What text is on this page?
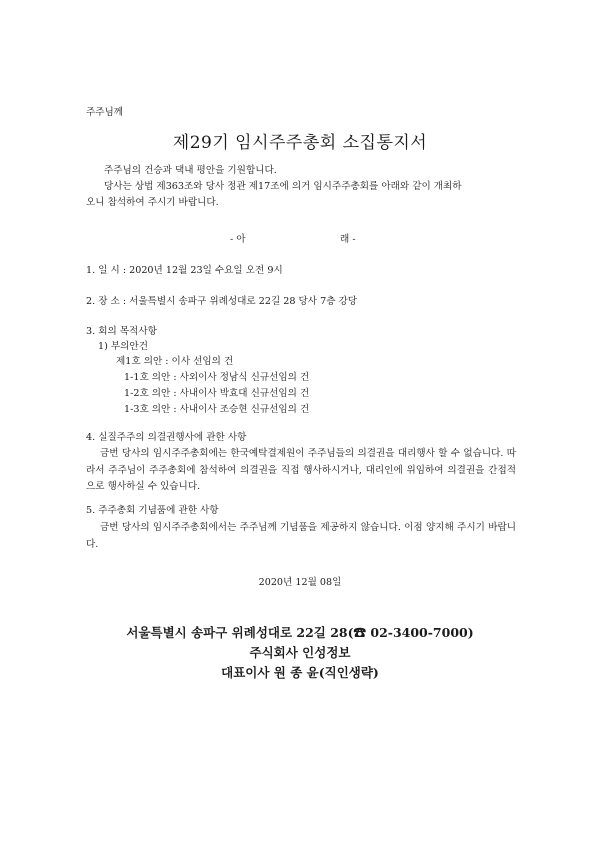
주주님께
제29기 임시주주총회 소집통지서
주주님의 건승과 댁내 평안을 기원합니다.
당사는 상법 제363조와 당사 정관 제17조에 의거 임시주주총회를 아래와 같이 개최하
오니 참석하여 주시기 바랍니다.
- 아	래 -
1. 일 시 : 2020년 12월 23일 수요일 오전 9시
2. 장 소 : 서울특별시 송파구 위례성대로 22길 28 당사 7층 강당
3. 회의 목적사항
1) 부의안건
제1호 의안 : 이사 선임의 건
1-1호 의안 : 사외이사 정남식 신규선임의 건
1-2호 의안 : 사내이사 박효대 신규선임의 건
1-3호 의안 : 사내이사 조승현 신규선임의 건
4. 실질주주의 의결권행사에 관한 사항
금번 당사의 임시주주총회에는 한국예탁결제원이 주주님들의 의결권을 대리행사 할 수 없습니다. 따라서 주주님이 주주총회에 참석하여 의결권을 직접 행사하시거나, 대리인에 위임하여 의결권을 간접적으로 행사하실 수 있습니다.
5. 주주총회 기념품에 관한 사항
금번 당사의 임시주주총회에서는 주주님께 기념품을 제공하지 않습니다. 이점 양지해 주시기 바랍니다.
2020년 12월 08일
서울특별시 송파구 위례성대로 22길 28(☎ 02-3400-7000)
주식회사 인성정보
대표이사 원 종 윤(직인생략)
